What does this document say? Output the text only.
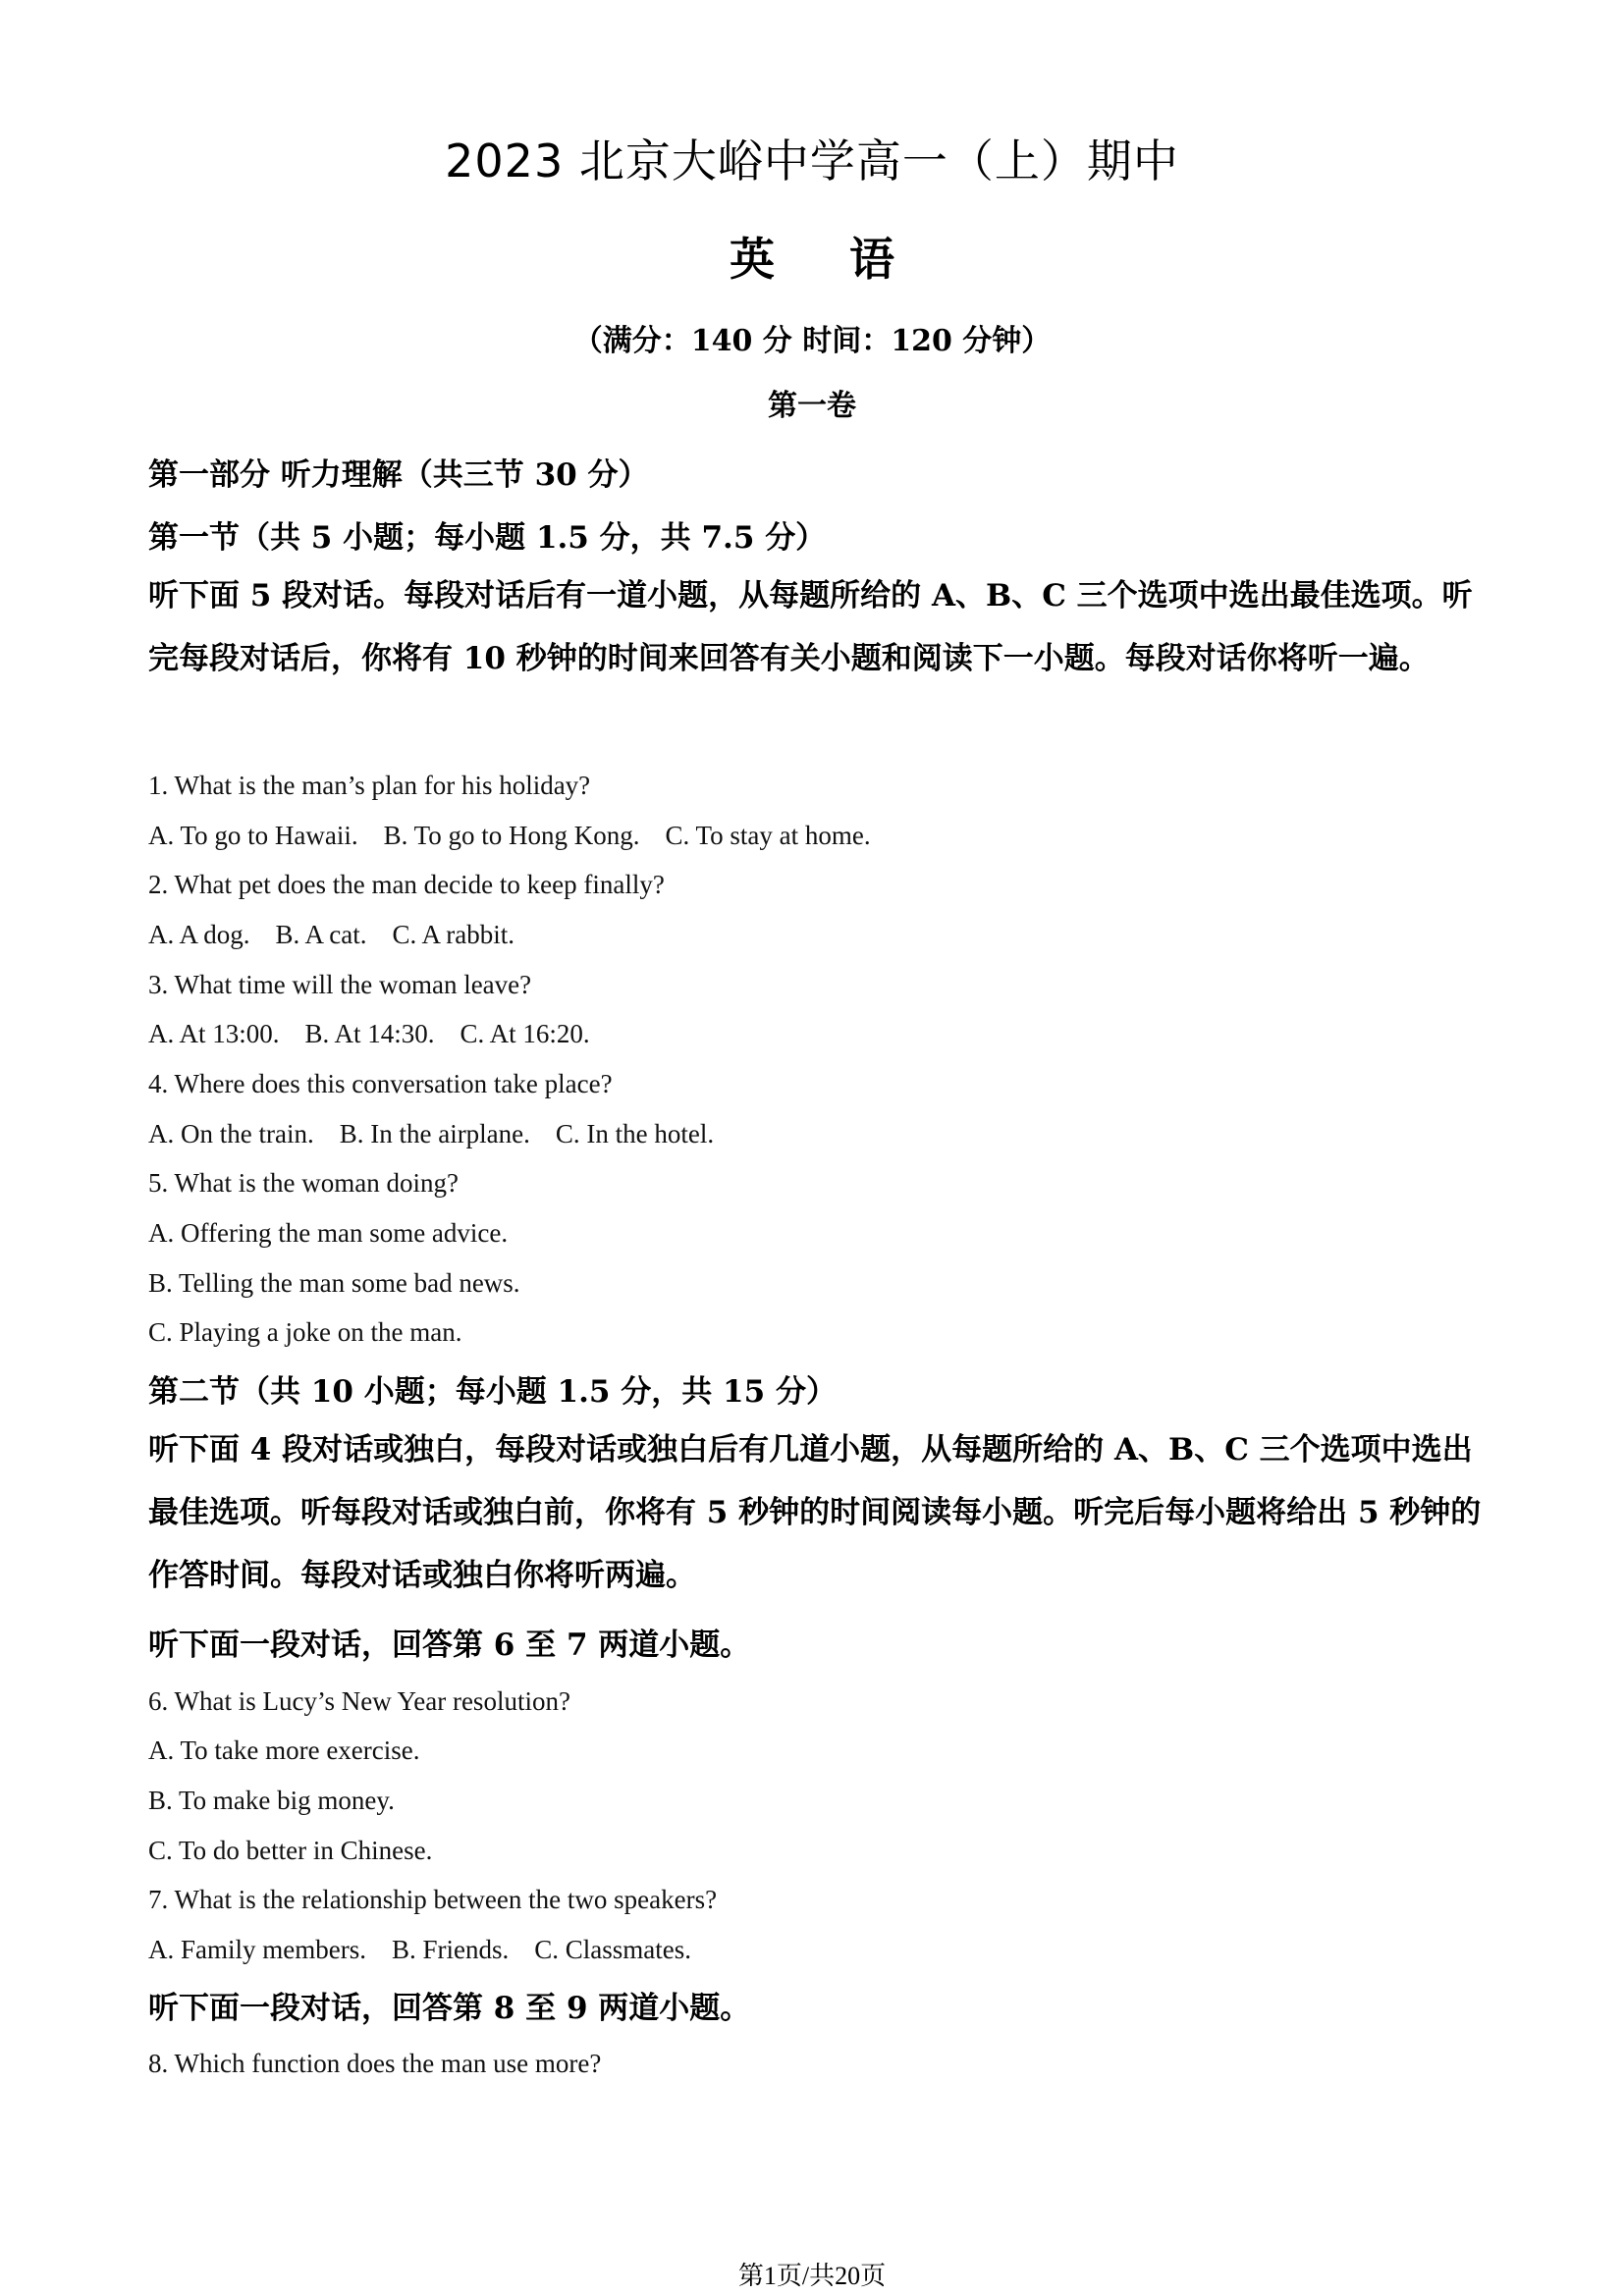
2023 北京大峪中学高一（上）期中
英 语
（满分：140 分 时间：120 分钟）
第一卷
第一部分 听力理解（共三节 30 分）
第一节（共 5 小题；每小题 1.5 分，共 7.5 分）
听下面 5 段对话。每段对话后有一道小题，从每题所给的 A、B、C 三个选项中选出最佳选项。听完每段对话后，你将有 10 秒钟的时间来回答有关小题和阅读下一小题。每段对话你将听一遍。
1. What is the man’s plan for his holiday?
A. To go to Hawaii. B. To go to Hong Kong. C. To stay at home.
2. What pet does the man decide to keep finally?
A. A dog. B. A cat. C. A rabbit.
3. What time will the woman leave?
A. At 13:00. B. At 14:30. C. At 16:20.
4. Where does this conversation take place?
A. On the train. B. In the airplane. C. In the hotel.
5. What is the woman doing?
A. Offering the man some advice.
B. Telling the man some bad news.
C. Playing a joke on the man.
第二节（共 10 小题；每小题 1.5 分，共 15 分）
听下面 4 段对话或独白，每段对话或独白后有几道小题，从每题所给的 A、B、C 三个选项中选出最佳选项。听每段对话或独白前，你将有 5 秒钟的时间阅读每小题。听完后每小题将给出 5 秒钟的作答时间。每段对话或独白你将听两遍。
听下面一段对话，回答第 6 至 7 两道小题。
6. What is Lucy’s New Year resolution?
A. To take more exercise.
B. To make big money.
C. To do better in Chinese.
7. What is the relationship between the two speakers?
A. Family members. B. Friends. C. Classmates.
听下面一段对话，回答第 8 至 9 两道小题。
8. Which function does the man use more?
第1页/共20页
